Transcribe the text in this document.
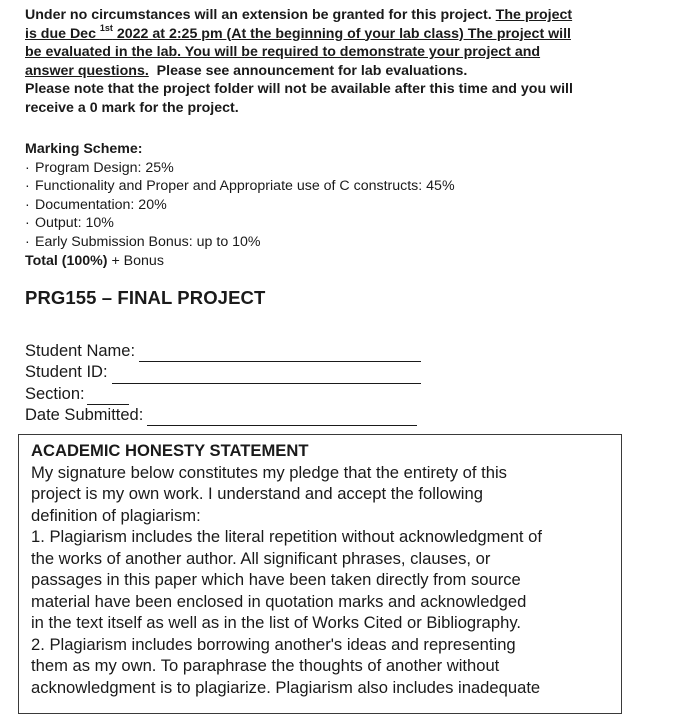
Under no circumstances will an extension be granted for this project. The project
is due Dec $^{1st}$ 2022 at 2:25 pm (At the beginning of your lab class) The project will
be evaluated in the lab. You will be required to demonstrate your project and
answer questions.  Please see announcement for lab evaluations.
Please note that the project folder will not be available after this time and you will
receive a 0 mark for the project.
Marking Scheme:
· Program Design: 25%
· Functionality and Proper and Appropriate use of C constructs: 45%
· Documentation: 20%
· Output: 10%
· Early Submission Bonus: up to 10%
Total (100%) + Bonus
PRG155 – FINAL PROJECT
Student Name:
Student ID:
Section:
Date Submitted:
ACADEMIC HONESTY STATEMENT
My signature below constitutes my pledge that the entirety of this
project is my own work. I understand and accept the following
definition of plagiarism:
1. Plagiarism includes the literal repetition without acknowledgment of
the works of another author. All significant phrases, clauses, or
passages in this paper which have been taken directly from source
material have been enclosed in quotation marks and acknowledged
in the text itself as well as in the list of Works Cited or Bibliography.
2. Plagiarism includes borrowing another's ideas and representing
them as my own. To paraphrase the thoughts of another without
acknowledgment is to plagiarize. Plagiarism also includes inadequate
